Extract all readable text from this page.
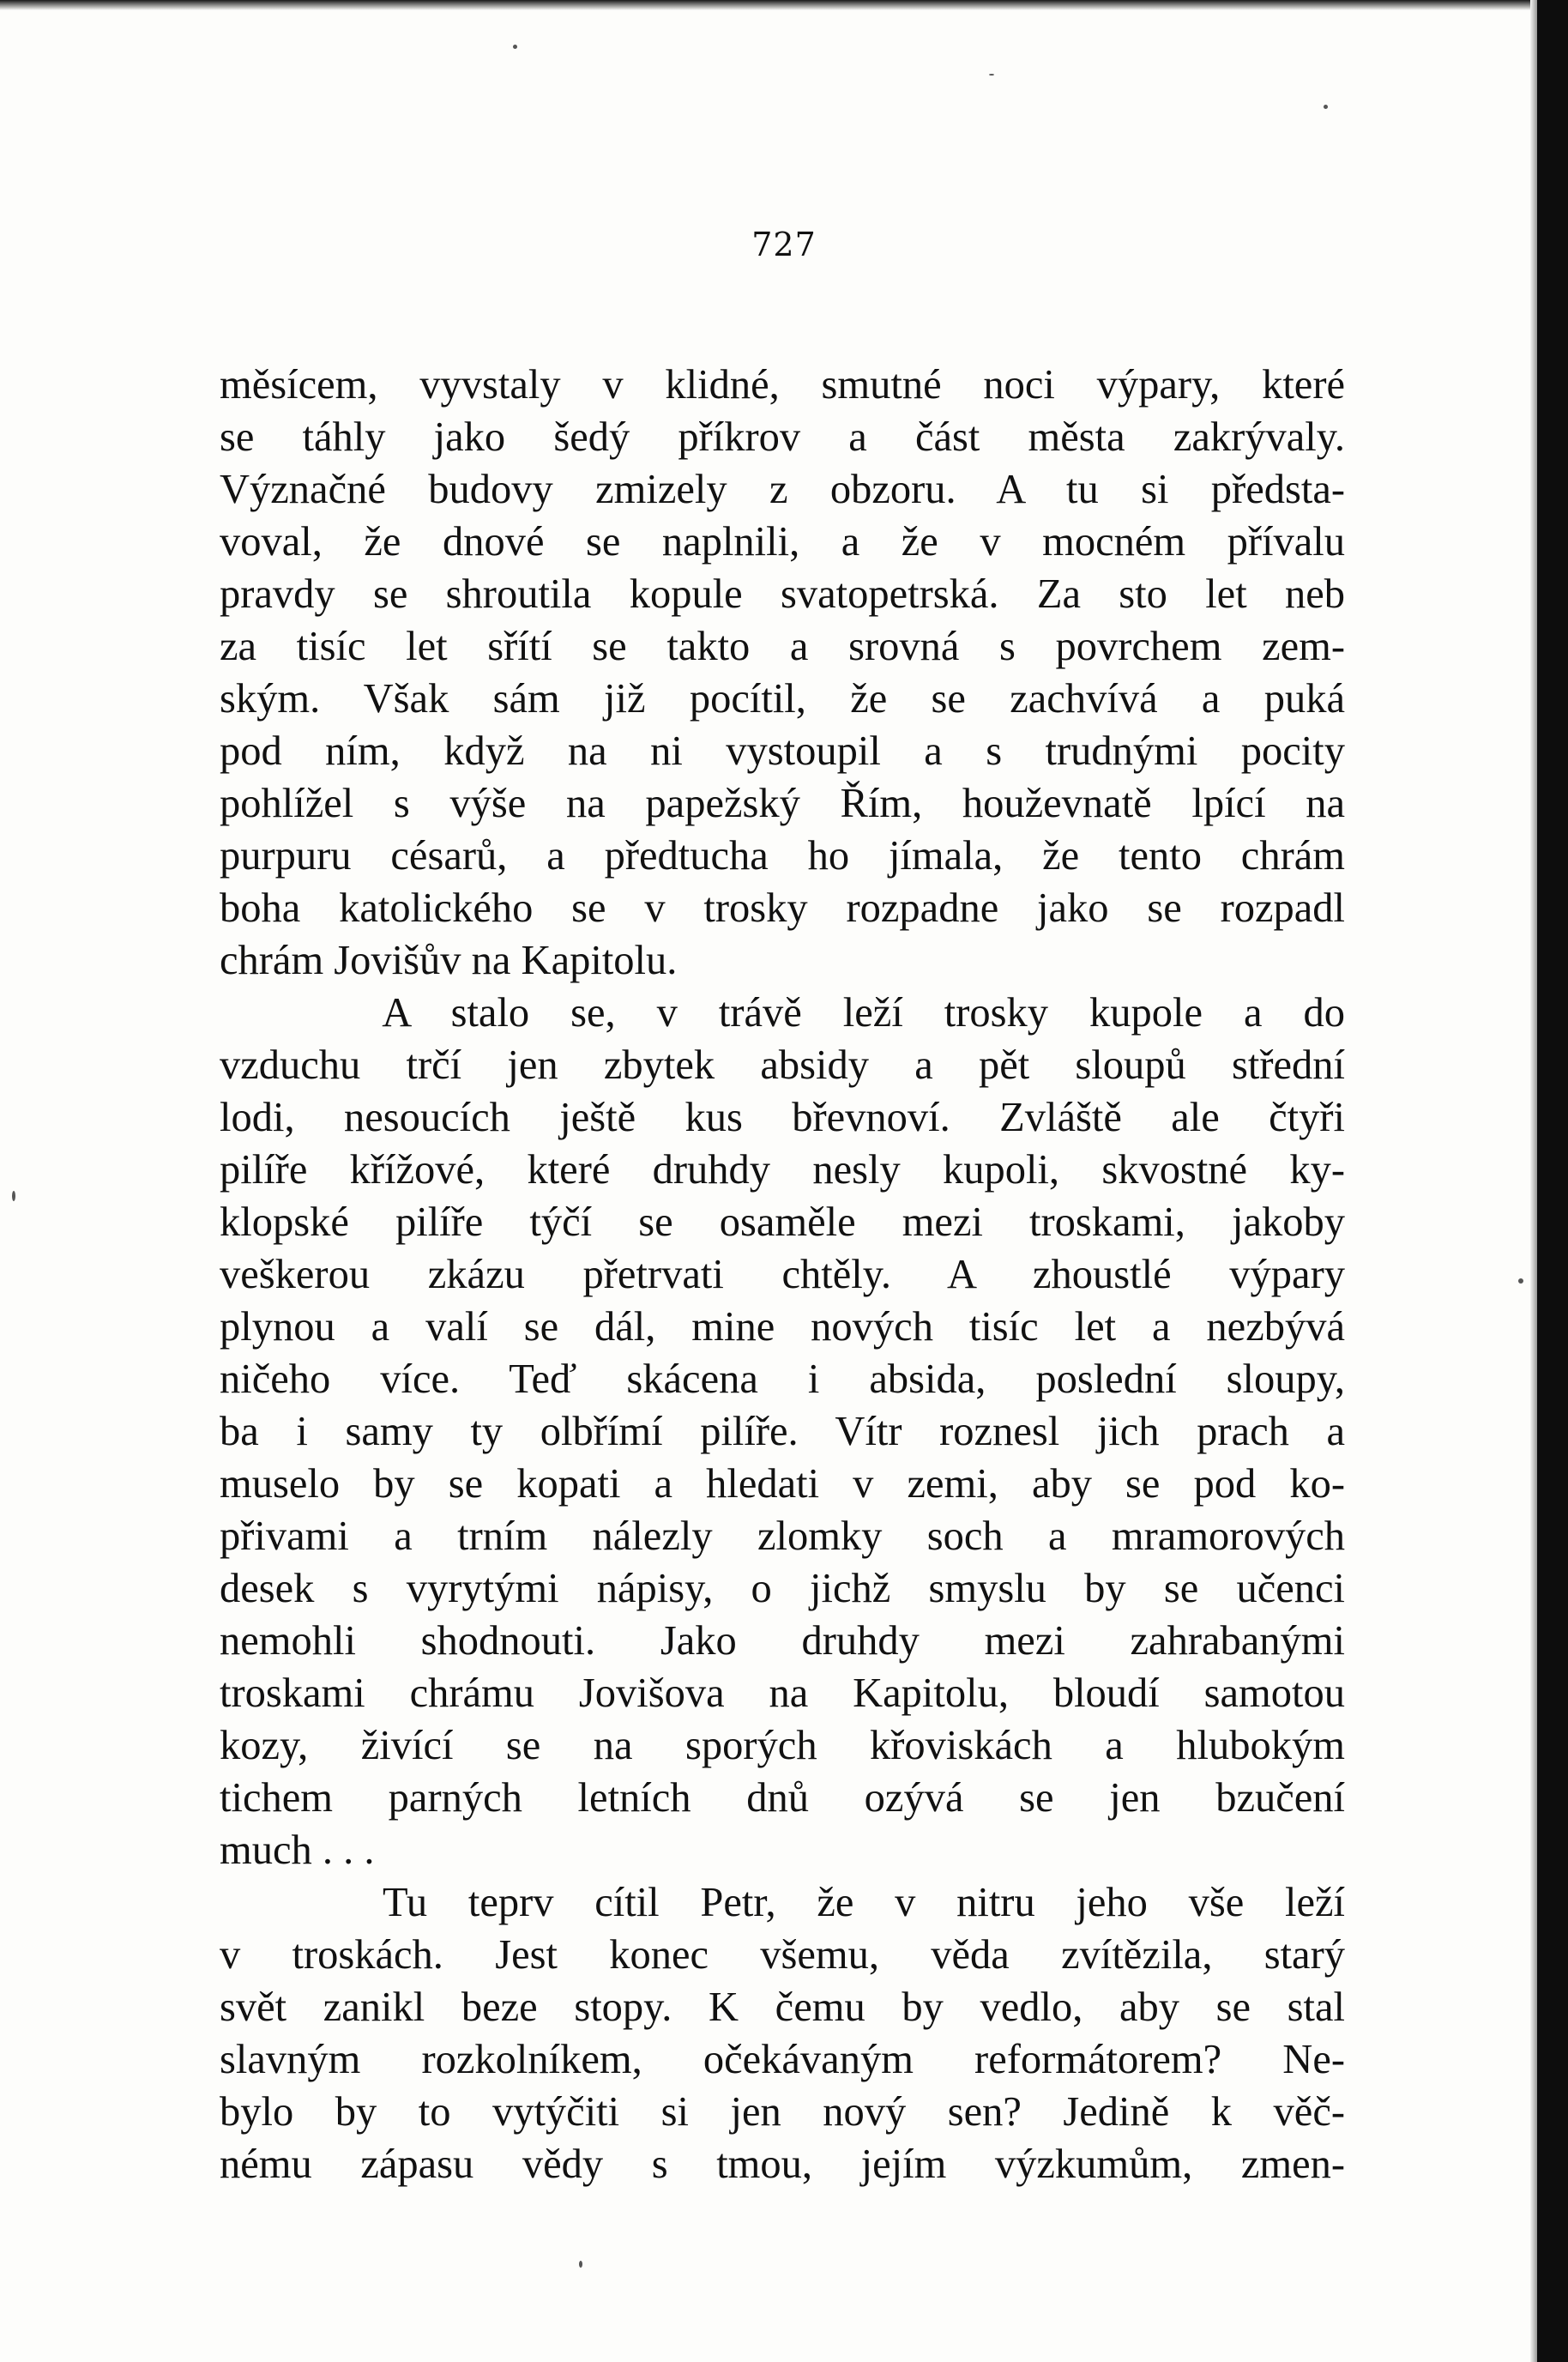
727
měsícem, vyvstaly v klidné, smutné noci výpary, které
se táhly jako šedý příkrov a část města zakrývaly.
Význačné budovy zmizely z obzoru. A tu si předsta-
voval, že dnové se naplnili, a že v mocném přívalu
pravdy se shroutila kopule svatopetrská. Za sto let neb
za tisíc let sřítí se takto a srovná s povrchem zem-
ským. Však sám již pocítil, že se zachvívá a puká
pod ním, když na ni vystoupil a s trudnými pocity
pohlížel s výše na papežský Řím, houževnatě lpící na
purpuru césarů, a předtucha ho jímala, že tento chrám
boha katolického se v trosky rozpadne jako se rozpadl
chrám Jovišův na Kapitolu.
A stalo se, v trávě leží trosky kupole a do
vzduchu trčí jen zbytek absidy a pět sloupů střední
lodi, nesoucích ještě kus břevnoví. Zvláště ale čtyři
pilíře křížové, které druhdy nesly kupoli, skvostné ky-
klopské pilíře týčí se osaměle mezi troskami, jakoby
veškerou zkázu přetrvati chtěly. A zhoustlé výpary
plynou a valí se dál, mine nových tisíc let a nezbývá
ničeho více. Teď skácena i absida, poslední sloupy,
ba i samy ty olbřímí pilíře. Vítr roznesl jich prach a
muselo by se kopati a hledati v zemi, aby se pod ko-
přivami a trním nálezly zlomky soch a mramorových
desek s vyrytými nápisy, o jichž smyslu by se učenci
nemohli shodnouti. Jako druhdy mezi zahrabanými
troskami chrámu Jovišova na Kapitolu, bloudí samotou
kozy, živící se na sporých křoviskách a hlubokým
tichem parných letních dnů ozývá se jen bzučení
much . . .
Tu teprv cítil Petr, že v nitru jeho vše leží
v troskách. Jest konec všemu, věda zvítězila, starý
svět zanikl beze stopy. K čemu by vedlo, aby se stal
slavným rozkolníkem, očekávaným reformátorem? Ne-
bylo by to vytýčiti si jen nový sen? Jedině k věč-
nému zápasu vědy s tmou, jejím výzkumům, zmen-
